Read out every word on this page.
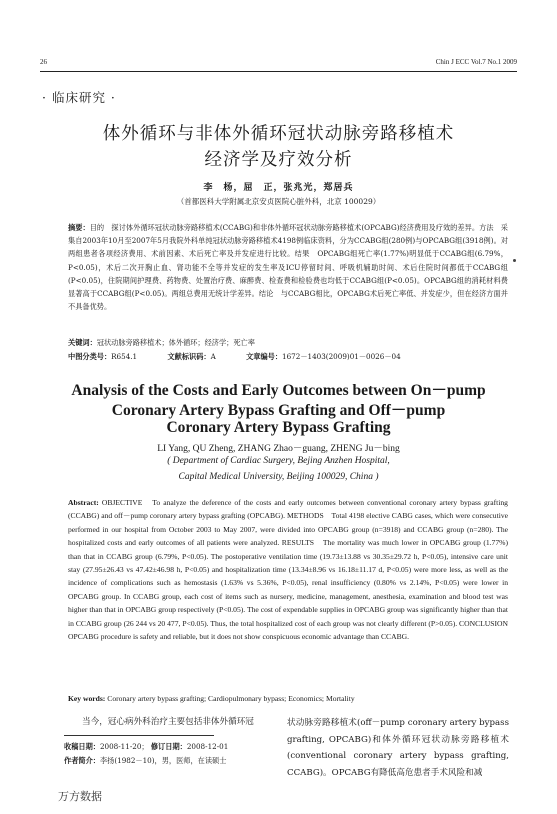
26	Chin J ECC Vol.7 No.1 2009
· 临床研究 ·
体外循环与非体外循环冠状动脉旁路移植术
经济学及疗效分析
李　杨，屈　正，张兆光，郑居兵
（首都医科大学附属北京安贞医院心脏外科，北京 100029）
摘要：目的　探讨体外循环冠状动脉旁路移植术(CCABG)和非体外循环冠状动脉旁路移植术(OPCABG)经济费用及疗效的差异。方法　采集自2003年10月至2007年5月我院外科单纯冠状动脉旁路移植术4198例临床资料，分为CCABG组(280例)与OPCABG组(3918例)。对两组患者各项经济费用、术前因素、术后死亡率及并发症进行比较。结果　OPCABG组死亡率(1.77%)明显低于CCABG组(6.79%，P<0.05)，术后二次开胸止血、肾功能不全等并发症的发生率及ICU停留时间、呼吸机辅助时间、术后住院时间都低于CCABG组(P<0.05)，住院期间护理费、药物费、处置治疗费、麻醉费、检查费和检验费也均低于CCABG组(P<0.05)。OPCABG组的消耗材料费显著高于CCABG组(P<0.05)。两组总费用无统计学差异。结论　与CCABG相比，OPCABG术后死亡率低、并发症少，但在经济方面并不具备优势。
关键词：冠状动脉旁路移植术；体外循环；经济学；死亡率
中图分类号：R654.1	文献标识码：A	文章编号：1672－1403(2009)01－0026－04
Analysis of the Costs and Early Outcomes between On－pump
Coronary Artery Bypass Grafting and Off－pump
Coronary Artery Bypass Grafting
LI Yang, QU Zheng, ZHANG Zhao－guang, ZHENG Ju－bing
( Department of Cardiac Surgery, Bejing Anzhen Hospital,
Capital Medical University, Beijing 100029, China )
Abstract: OBJECTIVE　To analyze the deference of the costs and early outcomes between conventional coronary artery bypass grafting (CCABG) and off－pump coronary artery bypass grafting (OPCABG). METHODS　Total 4198 elective CABG cases, which were consecutive performed in our hospital from October 2003 to May 2007, were divided into OPCABG group (n=3918) and CCABG group (n=280). The hospitalized costs and early outcomes of all patients were analyzed. RESULTS　The mortality was much lower in OPCABG group (1.77%) than that in CCABG group (6.79%, P<0.05). The postoperative ventilation time (19.73±13.88 vs 30.35±29.72 h, P<0.05), intensive care unit stay (27.95±26.43 vs 47.42±46.98 h, P<0.05) and hospitalization time (13.34±8.96 vs 16.18±11.17 d, P<0.05) were more less, as well as the incidence of complications such as hemostasis (1.63% vs 5.36%, P<0.05), renal insufficiency (0.80% vs 2.14%, P<0.05) were lower in OPCABG group. In CCABG group, each cost of items such as nursery, medicine, management, anesthesia, examination and blood test was higher than that in OPCABG group respectively (P<0.05). The cost of expendable supplies in OPCABG group was significantly higher than that in CCABG group (26 244 vs 20 477, P<0.05). Thus, the total hospitalized cost of each group was not clearly different (P>0.05). CONCLUSION　OPCABG procedure is safety and reliable, but it does not show conspicuous economic advantage than CCABG.
Key words: Coronary artery bypass grafting; Cardiopulmonary bypass; Economics; Mortality
当今，冠心病外科治疗主要包括非体外循环冠
收稿日期：2008-11-20； 修订日期：2008-12-01
作者简介：李扬(1982－10)，男，医师，在读硕士
状动脉旁路移植术(off－pump coronary artery bypass grafting, OPCABG)和体外循环冠状动脉旁路移植术(conventional coronary artery bypass grafting, CCABG)。OPCABG有降低高危患者手术风险和减
万方数据
